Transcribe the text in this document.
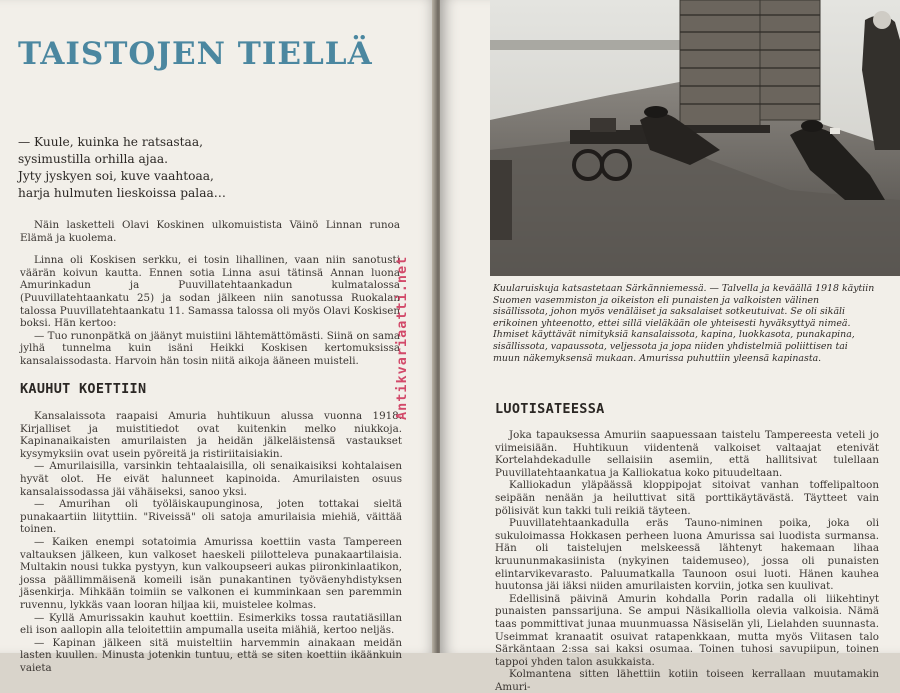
TAISTOJEN TIELLÄ
— Kuule, kuinka he ratsastaa,
sysimustilla orhilla ajaa.
Jyty jyskyen soi, kuve vaahtoaa,
harja hulmuten lieskoissa palaa…

Näin lasketteli Olavi Koskinen ulkomuistista Väinö Linnan runoa Elämä ja kuolema.

Linna oli Koskisen serkku, ei tosin lihallinen, vaan niin sanotusti väärän koivun kautta. Ennen sotia Linna asui tätinsä Annan luona Amurinkadun ja Puuvillatehtaankadun kulmatalossa (Puuvillatehtaankatu 25) ja sodan jälkeen niin sanotussa Ruokalan talossa Puuvillatehtaankatu 11. Samassa talossa oli myös Olavi Koskisen boksi. Hän kertoo:

— Tuo runonpätkä on jäänyt muistiini lähtemättömästi. Siinä on sama jylhä tunnelma kuin isäni Heikki Koskisen kertomuksissa kansalaissodasta. Harvoin hän tosin niitä aikoja ääneen muisteli.

KAUHUT KOETTIIN

Kansalaissota raapaisi Amuria huhtikuun alussa vuonna 1918. Kirjalliset ja muistitiedot ovat kuitenkin melko niukkoja. Kapinanaikaisten amurilaisten ja heidän jälkeläistensä vastaukset kysymyksiin ovat usein pyöreitä ja ristiriitaisiakin.

— Amurilaisilla, varsinkin tehtaalaisilla, oli senaikaisiksi kohtalaisen hyvät olot. He eivät halunneet kapinoida. Amurilaisten osuus kansalaissodassa jäi vähäiseksi, sanoo yksi.

— Amurihan oli työläiskaupunginosa, joten tottakai sieltä punakaartiin liityttiin. "Riveissä" oli satoja amurilaisia miehiä, väittää toinen.

— Kaiken enempi sotatoimia Amurissa koettiin vasta Tampereen valtauksen jälkeen, kun valkoset haeskeli piilotteleva punakaartilaisia. Multakin nousi tukka pystyyn, kun valkoupseeri aukas piironkinlaatikon, jossa päällimmäisenä komeili isän punakantinen työväenyhdistyksen jäsenkirja. Mihkään toimiin se valkonen ei kumminkaan sen paremmin ruvennu, lykkäs vaan looran hiljaa kii, muistelee kolmas.

— Kyllä Amurissakin kauhut koettiin. Esimerkiks tossa rautatiäsillan eli ison aallopin alla teloitettiin ampumalla useita miähiä, kertoo neljäs.

— Kapinan jälkeen sitä muisteltiin harvemmin ainakaan meidän lasten kuullen. Minusta jotenkin tuntuu, että se siten koettiin ikäänkuin vaieta

Antikvariaatti.net	Kuularuiskuja katsastetaan Särkänniemessä. — Talvella ja keväällä 1918 käytiin Suomen vasemmiston ja oikeiston eli punaisten ja valkoisten välinen sisällissota, johon myös venäläiset ja saksalaiset sotkeutuivat. Se oli sikäli erikoinen yhteenotto, ettei sillä vieläkään ole yhteisesti hyväksyttyä nimeä. Ihmiset käyttävät nimityksiä kansalaissota, kapina, luokkasota, punakapina, sisällissota, vapaussota, veljessota ja jopa niiden yhdistelmiä poliittisen tai muun näkemyksensä mukaan. Amurissa puhuttiin yleensä kapinasta.
LUOTISATEESSA

Joka tapauksessa Amuriin saapuessaan taistelu Tampereesta veteli jo viimeisiään. Huhtikuun viidentenä valkoiset valtaajat etenivät Kortelahdekadulle sellaisiin asemiin, että hallitsivat tulellaan Puuvillatehtaankatua ja Kalliokatua koko pituudeltaan.

Kalliokadun yläpäässä kloppipojat sitoivat vanhan toffelipaltoon seipään nenään ja heiluttivat sitä porttikäytävästä. Täytteet vain pölisivät kun takki tuli reikiä täyteen.

Puuvillatehtaankadulla eräs Tauno-niminen poika, joka oli sukuloimassa Hokkasen perheen luona Amurissa sai luodista surmansa. Hän oli taistelujen melskeessä lähtenyt hakemaan lihaa kruununmakasiinista (nykyinen taidemuseo), jossa oli punaisten elintarvikevarasto. Paluumatkalla Taunoon osui luoti. Hänen kauhea huutonsa jäi iäksi niiden amurilaisten korviin, jotka sen kuulivat.

Edellisinä päivinä Amurin kohdalla Porin radalla oli liikehtinyt punaisten panssarijuna. Se ampui Näsikalliolla olevia valkoisia. Nämä taas pommittivat junaa muunmuassa Näsiselän yli, Lielahden suunnasta. Useimmat kranaatit osuivat ratapenkkaan, mutta myös Viitasen talo Särkäntaan 2:ssa sai kaksi osumaa. Toinen tuhosi savupiipun, toinen tappoi yhden talon asukkaista.

Kolmantena sitten lähettiin kotiin toiseen kerrallaan muutamakin Amuri-
